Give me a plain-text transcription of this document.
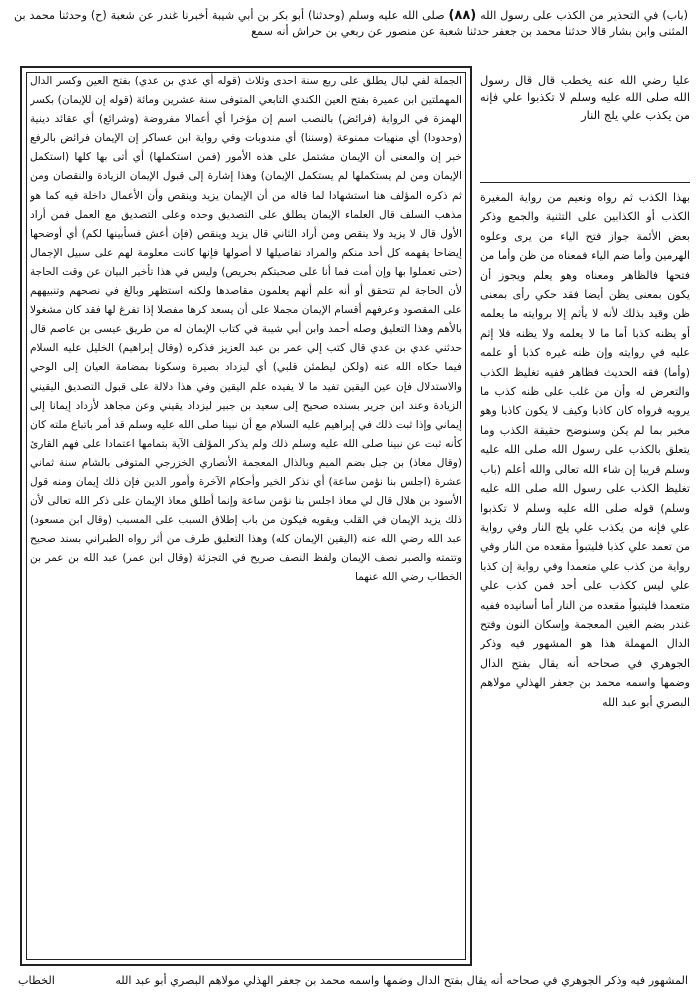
(باب) في التحذير من الكذب على رسول الله (٨٨) صلى الله عليه وسلم (وحدثنا) أبو بكر بن أبي شيبة أخبرنا غندر عن شعبة (ح) وحدثنا محمد بن المثنى وابن بشار قالا حدثنا محمد بن جعفر حدثنا شعبة عن منصور عن ربعي بن حراش أنه سمع
الجملة لفي لبال يطلق على ربع سنة احدى وثلاث (قوله أي عدي بن عدي) بفتح العين وكسر الدال المهملتين ابن عميرة بفتح العين الكندي التابعي المتوفى سنة عشرين ومائة (قوله إن للإيمان) بكسر الهمزة في الرواية (فرائض) بالنصب اسم إن مؤخرا أي أعمالا مفروضة (وشرائع) أي عقائد دينية (وحدودا) أي منهيات ممنوعة (وسننا) أي مندوبات وفي رواية ابن عساكر إن الإيمان فرائض بالرفع خبر إن والمعنى أن الإيمان مشتمل على هذه الأمور (فمن استكملها) أي أتى بها كلها (استكمل الإيمان ومن لم يستكملها لم يستكمل الإيمان) وهذا إشارة إلى قبول الإيمان الزيادة والنقصان ومن ثم ذكره المؤلف هنا استشهادا لما قاله من أن الإيمان يزيد وينقص وأن الأعمال داخلة فيه كما هو مذهب السلف قال العلماء الإيمان يطلق على التصديق وحده وعلى التصديق مع العمل فمن أراد الأول قال لا يزيد ولا ينقص ومن أراد الثاني قال يزيد وينقص (فإن أعش فسأبينها لكم) أي أوضحها إيضاحا يفهمه كل أحد منكم والمراد تفاصيلها لا أصولها فإنها كانت معلومة لهم على سبيل الإجمال (حتى تعملوا بها وإن أمت فما أنا على صحبتكم بحريص) وليس في هذا تأخير البيان عن وقت الحاجة لأن الحاجة لم تتحقق أو أنه علم أنهم يعلمون مقاصدها ولكنه استظهر وبالغ في نصحهم وتنبيههم على المقصود وعرفهم أقسام الإيمان مجملا على أن يسعد كرها مفصلا إذا تفرغ لها فقد كان مشغولا بالأهم وهذا التعليق وصله أحمد وابن أبي شيبة في كتاب الإيمان له من طريق عيسى بن عاصم قال حدثني عدي بن عدي قال كتب إلي عمر بن عبد العزيز فذكره (وقال إبراهيم) الخليل عليه السلام فيما حكاه الله عنه (ولكن ليطمئن قلبي) أي ليزداد بصيرة وسكونا بمضامة العيان إلى الوحي والاستدلال فإن عين اليقين تفيد ما لا يفيده علم اليقين وفي هذا دلالة على قبول التصديق اليقيني الزيادة وعند ابن جرير بسنده صحيح إلى سعيد بن جبير ليزداد يقيني وعن مجاهد لأزداد إيمانا إلى إيماني وإذا ثبت ذلك في إبراهيم عليه السلام مع أن نبينا صلى الله عليه وسلم قد أمر باتباع ملته كان كأنه ثبت عن نبينا صلى الله عليه وسلم ذلك ولم يذكر المؤلف الآية بتمامها اعتمادا على فهم القارئ (وقال معاذ) بن جبل بضم الميم وبالذال المعجمة الأنصاري الخزرجي المتوفى بالشام سنة ثماني عشرة (اجلس بنا نؤمن ساعة) أي نذكر الخير وأحكام الآخرة وأمور الدين فإن ذلك إيمان ومنه قول الأسود بن هلال قال لي معاذ اجلس بنا نؤمن ساعة وإنما أطلق معاذ الإيمان على ذكر الله تعالى لأن ذلك يزيد الإيمان في القلب ويقويه فيكون من باب إطلاق السبب على المسبب (وقال ابن مسعود) عبد الله رضي الله عنه (اليقين الإيمان كله) وهذا التعليق طرف من أثر رواه الطبراني بسند صحيح وتتمته والصبر نصف الإيمان ولفظ النصف صريح في التجزئة (وقال ابن عمر) عبد الله بن عمر بن الخطاب رضي الله عنهما
عليا رضي الله عنه يخطب قال قال رسول الله صلى الله عليه وسلم لا تكذبوا علي فإنه من يكذب علي يلج النار
بهذا الكذب ثم رواه ونعيم من رواية المغيرة الكذب أو الكذابين على التثنية والجمع وذكر بعض الأئمة جواز فتح الياء من يرى وعلوه الهرمين وأما ضم الياء فمعناه من ظن وأما من فتحها فالظاهر ومعناه وهو يعلم ويجوز أن يكون بمعنى يظن أيضا فقد حكي رأى بمعنى ظن وقيد بذلك لأنه لا يأثم إلا بروايته ما يعلمه أو يظنه كذبا أما ما لا يعلمه ولا يظنه فلا إثم عليه في روايته وإن ظنه غيره كذبا أو علمه (وأما) فقه الحديث فظاهر ففيه تغليظ الكذب والتعرض له وأن من غلب على ظنه كذب ما يرويه فرواه كان كاذبا وكيف لا يكون كاذبا وهو مخبر بما لم يكن وسنوضح حقيقة الكذب وما يتعلق بالكذب على رسول الله صلى الله عليه وسلم قريبا إن شاء الله تعالى والله أعلم (باب تغليظ الكذب على رسول الله صلى الله عليه وسلم) قوله صلى الله عليه وسلم لا تكذبوا علي فإنه من يكذب علي يلج النار وفي رواية من تعمد علي كذبا فليتبوأ مقعده من النار وفي رواية من كذب علي متعمدا وفي رواية إن كذبا علي ليس ككذب على أحد فمن كذب علي متعمدا فليتبوأ مقعده من النار أما أسانيده ففيه غندر بضم الغين المعجمة وإسكان النون وفتح الدال المهملة هذا هو المشهور فيه وذكر الجوهري في صحاحه أنه يقال بفتح الدال وضمها واسمه محمد بن جعفر الهذلي مولاهم البصري أبو عبد الله
الخطاب	المشهور فيه وذكر الجوهري في صحاحه أنه يقال بفتح الدال وضمها واسمه محمد بن جعفر الهذلي مولاهم البصري أبو عبد الله
